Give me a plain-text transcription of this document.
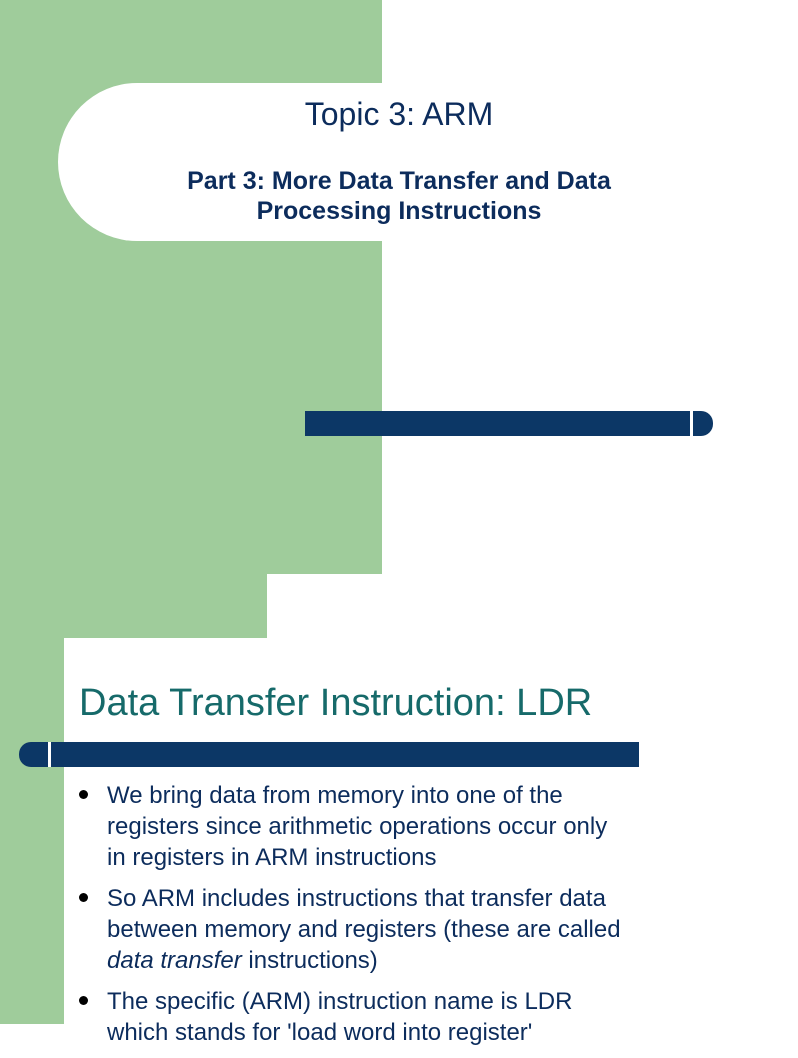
Topic 3: ARM
Part 3: More Data Transfer and Data
Processing Instructions
Data Transfer Instruction: LDR
We bring data from memory into one of the
registers since arithmetic operations occur only
in registers in ARM instructions
So ARM includes instructions that transfer data
between memory and registers (these are called
data transfer instructions)
The specific (ARM) instruction name is LDR
which stands for 'load word into register'
